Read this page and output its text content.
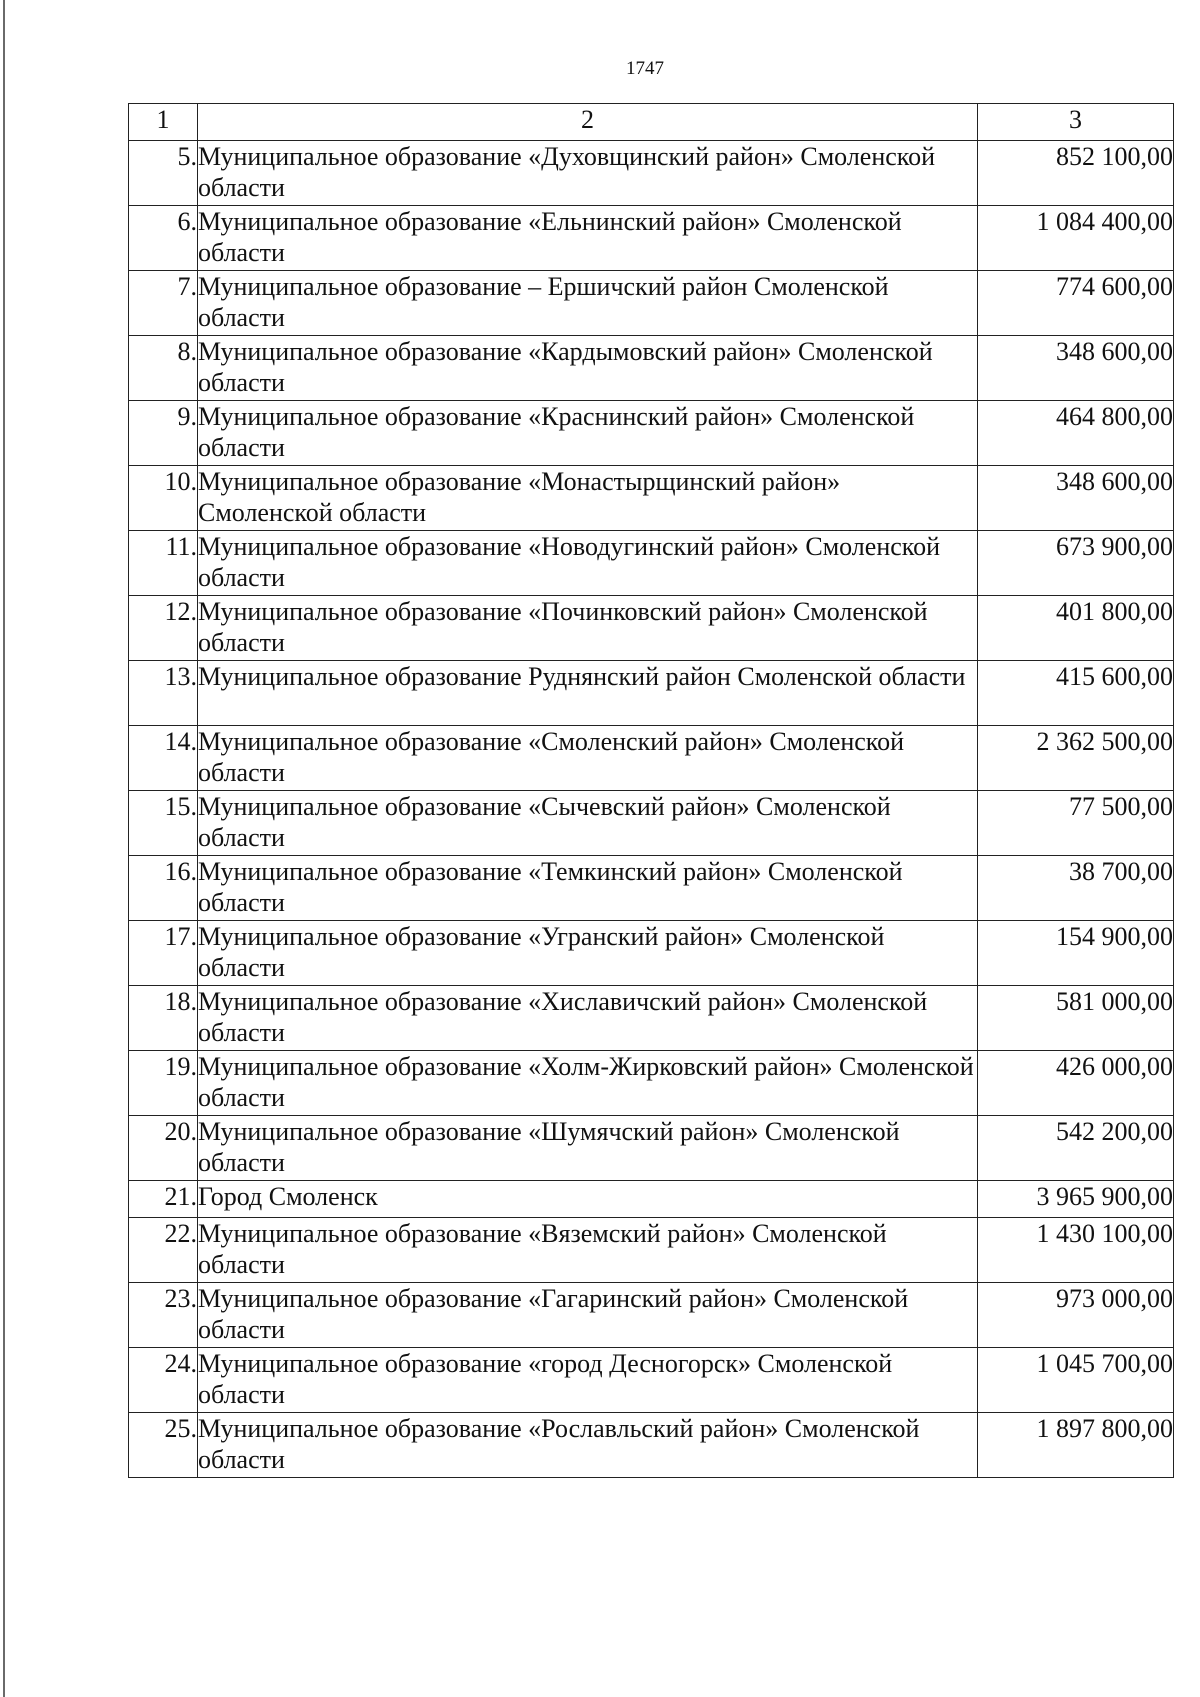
1747
1	2	3
5.	Муниципальное образование «Духовщинский район» Смоленской области	852 100,00
6.	Муниципальное образование «Ельнинский район» Смоленской области	1 084 400,00
7.	Муниципальное образование – Ершичский район Смоленской области	774 600,00
8.	Муниципальное образование «Кардымовский район» Смоленской области	348 600,00
9.	Муниципальное образование «Краснинский район» Смоленской области	464 800,00
10.	Муниципальное образование «Монастырщинский район» Смоленской области	348 600,00
11.	Муниципальное образование «Новодугинский район» Смоленской области	673 900,00
12.	Муниципальное образование «Починковский район» Смоленской области	401 800,00
13.	Муниципальное образование Руднянский район Смоленской области	415 600,00
14.	Муниципальное образование «Смоленский район» Смоленской области	2 362 500,00
15.	Муниципальное образование «Сычевский район» Смоленской области	77 500,00
16.	Муниципальное образование «Темкинский район» Смоленской области	38 700,00
17.	Муниципальное образование «Угранский район» Смоленской области	154 900,00
18.	Муниципальное образование «Хиславичский район» Смоленской области	581 000,00
19.	Муниципальное образование «Холм-Жирковский район» Смоленской области	426 000,00
20.	Муниципальное образование «Шумячский район» Смоленской области	542 200,00
21.	Город Смоленск	3 965 900,00
22.	Муниципальное образование «Вяземский район» Смоленской области	1 430 100,00
23.	Муниципальное образование «Гагаринский район» Смоленской области	973 000,00
24.	Муниципальное образование «город Десногорск» Смоленской области	1 045 700,00
25.	Муниципальное образование «Рославльский район» Смоленской области	1 897 800,00
